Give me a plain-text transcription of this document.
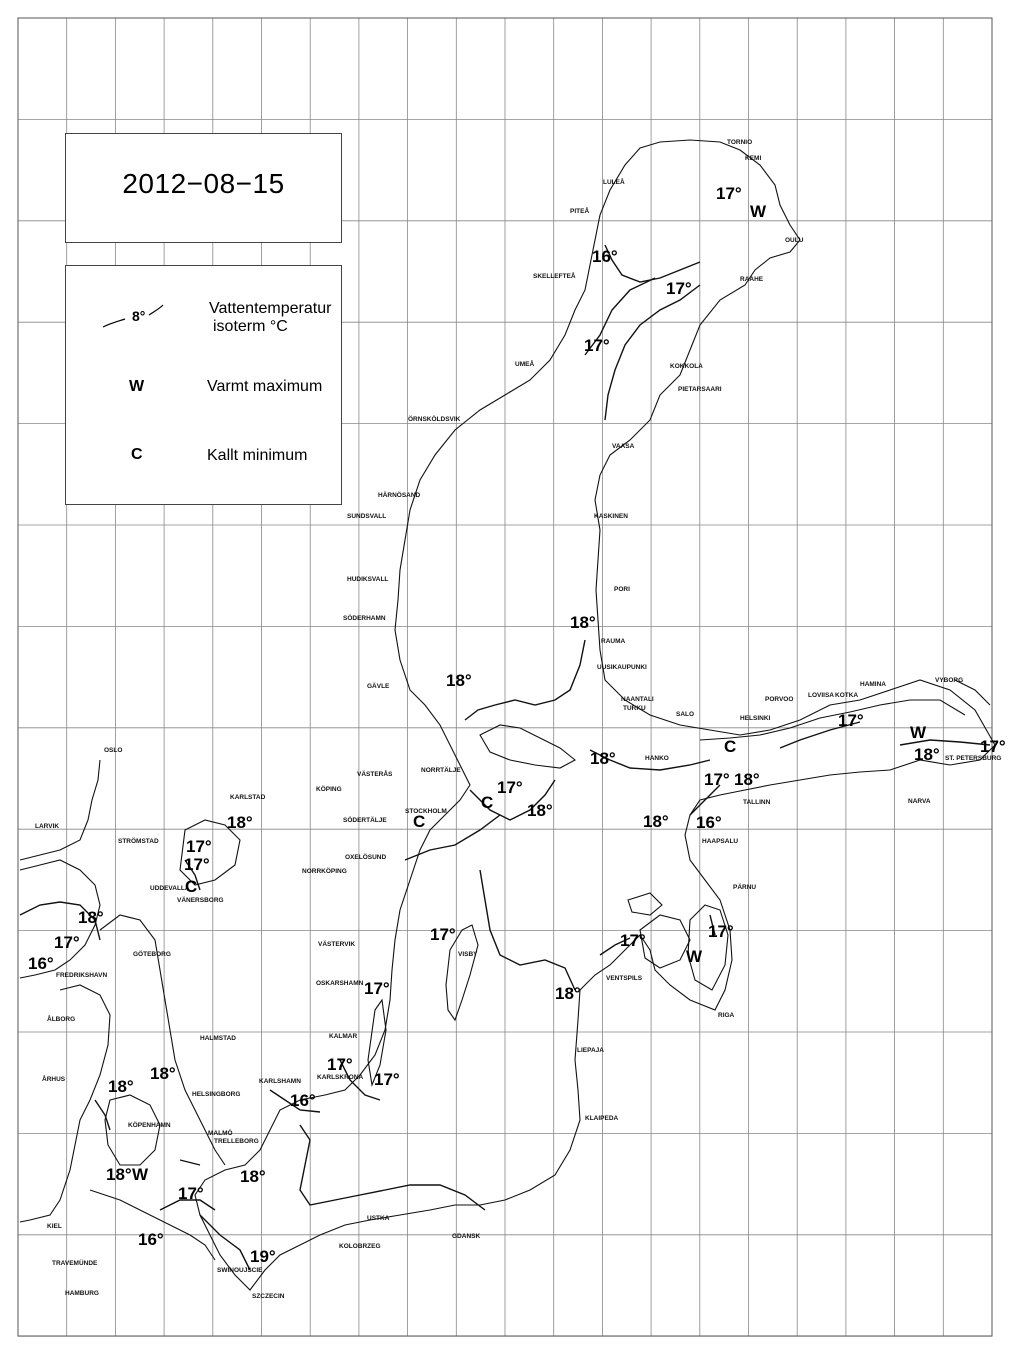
OSLO
LULEÅ
TORNIO
KEMI
PITEÅ
OULU
SKELLEFTEÅ	RAAHE
UMEÅ	KOKKOLA
PIETARSAARI
ÖRNSKÖLDSVIK
VAASA
HÄRNÖSAND
SUNDSVALL	KASKINEN
HUDIKSVALL
PORI
SÖDERHAMN
RAUMA
UUSIKAUPUNKI
GÄVLE
NAANTALI
TURKU
SALO
HAMINA
KOTKA
VYBORG
PORVOO
LOVIISA
HELSINKI
HANKO	ST. PETERSBURG
NORRTÄLJE
VÄSTERÅS
KÖPING
STOCKHOLM
SÖDERTÄLJE
TALLINN	NARVA
KARLSTAD
LARVIK
STRÖMSTAD
OXELÖSUND
NORRKÖPING
HAAPSALU
UDDEVALLA
VÄNERSBORG
PÄRNU
GÖTEBORG
VÄSTERVIK
VISBY
FREDRIKSHAVN
OSKARSHAMN
VENTSPILS
RIGA
ÅLBORG
HALMSTAD	KALMAR
LIEPAJA
ÅRHUS
HELSINGBORG
KARLSHAMN
KARLSKRONA
KÖPENHAMN
MALMÖ
TRELLEBORG
KLAIPEDA
KIEL
USTKA
GDANSK
TRAVEMÜNDE
KOLOBRZEG
SWINOUJSCIE
HAMBURG	SZCZECIN
17°
16°
17°
17°
18°
18°
18°
17°
18°
17°
17° 18°
18° 17°
17°
18°
16°
18°
18°
17°
16°
17°
17°
17°	17°
18°
17°
17°
18°
18°
16°
18°	18°
17°
16°
19°
17°
W
W
W
W
C
C
C
C
2012−08−15
8°	Vattentemperatur
isoterm °C
W	Varmt maximum
C	Kallt minimum
